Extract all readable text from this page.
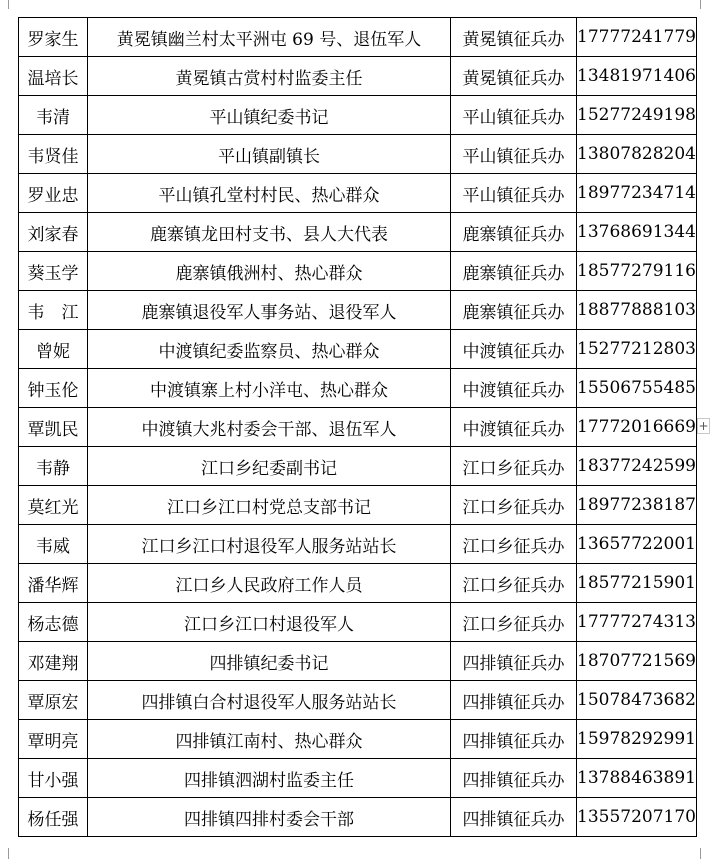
罗家生	黄冕镇幽兰村太平洲屯 69 号、退伍军人	黄冕镇征兵办	17777241779
温培长	黄冕镇古赏村村监委主任	黄冕镇征兵办	13481971406
韦清	平山镇纪委书记	平山镇征兵办	15277249198
韦贤佳	平山镇副镇长	平山镇征兵办	13807828204
罗业忠	平山镇孔堂村村民、热心群众	平山镇征兵办	18977234714
刘家春	鹿寨镇龙田村支书、县人大代表	鹿寨镇征兵办	13768691344
葵玉学	鹿寨镇俄洲村、热心群众	鹿寨镇征兵办	18577279116
韦　江	鹿寨镇退役军人事务站、退役军人	鹿寨镇征兵办	18877888103
曾妮	中渡镇纪委监察员、热心群众	中渡镇征兵办	15277212803
钟玉伦	中渡镇寨上村小洋屯、热心群众	中渡镇征兵办	15506755485
覃凯民	中渡镇大兆村委会干部、退伍军人	中渡镇征兵办	17772016669
韦静	江口乡纪委副书记	江口乡征兵办	18377242599
莫红光	江口乡江口村党总支部书记	江口乡征兵办	18977238187
韦威	江口乡江口村退役军人服务站站长	江口乡征兵办	13657722001
潘华辉	江口乡人民政府工作人员	江口乡征兵办	18577215901
杨志德	江口乡江口村退役军人	江口乡征兵办	17777274313
邓建翔	四排镇纪委书记	四排镇征兵办	18707721569
覃原宏	四排镇白合村退役军人服务站站长	四排镇征兵办	15078473682
覃明亮	四排镇江南村、热心群众	四排镇征兵办	15978292991
甘小强	四排镇泗湖村监委主任	四排镇征兵办	13788463891
杨任强	四排镇四排村委会干部	四排镇征兵办	13557207170
+
